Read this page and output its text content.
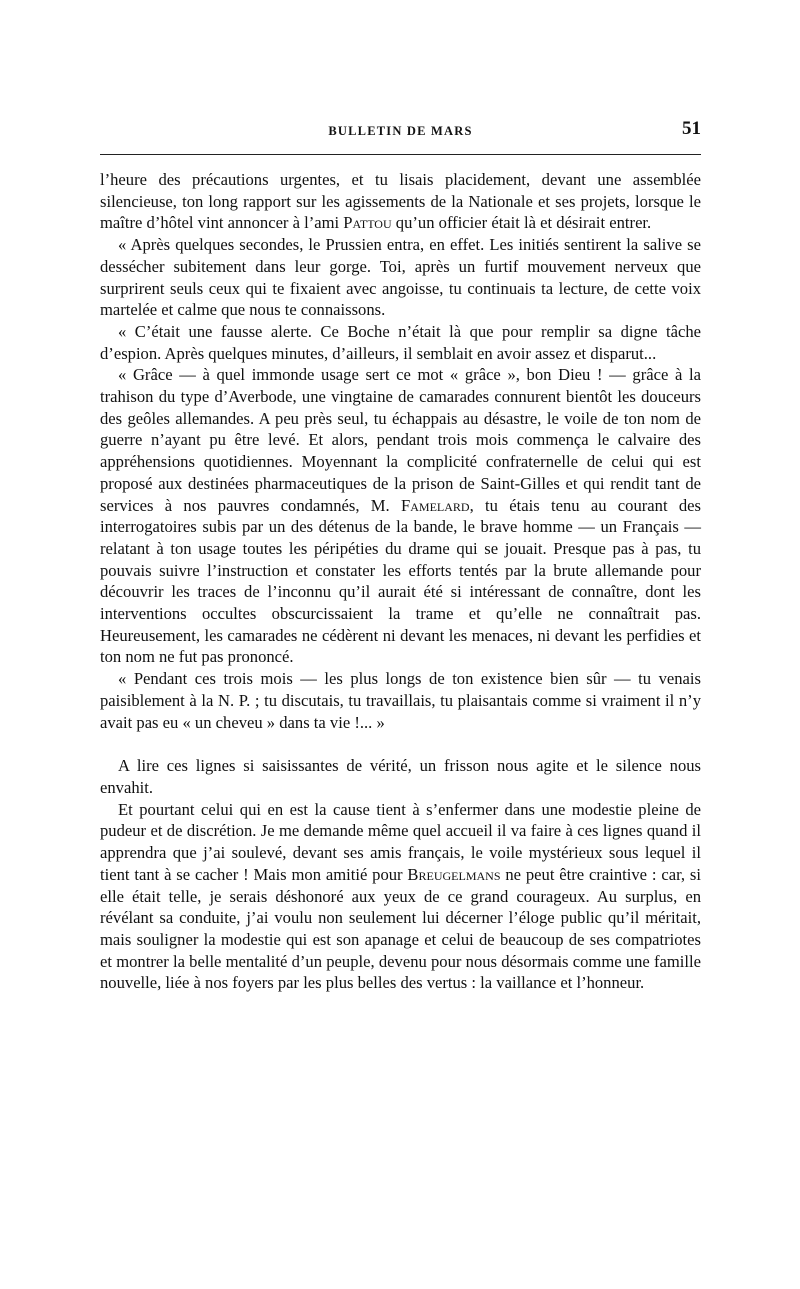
BULLETIN DE MARS	51

l’heure des précautions urgentes, et tu lisais placidement, devant une assemblée silencieuse, ton long rapport sur les agissements de la Nationale et ses projets, lorsque le maître d’hôtel vint annoncer à l’ami Pattou qu’un officier était là et désirait entrer.

« Après quelques secondes, le Prussien entra, en effet. Les initiés sentirent la salive se dessécher subitement dans leur gorge. Toi, après un furtif mouvement nerveux que surprirent seuls ceux qui te fixaient avec angoisse, tu continuais ta lecture, de cette voix martelée et calme que nous te connaissons.

« C’était une fausse alerte. Ce Boche n’était là que pour remplir sa digne tâche d’espion. Après quelques minutes, d’ailleurs, il semblait en avoir assez et disparut...

« Grâce — à quel immonde usage sert ce mot « grâce », bon Dieu ! — grâce à la trahison du type d’Averbode, une vingtaine de camarades connurent bientôt les douceurs des geôles allemandes. A peu près seul, tu échappais au désastre, le voile de ton nom de guerre n’ayant pu être levé. Et alors, pendant trois mois commença le calvaire des appréhensions quotidiennes. Moyennant la complicité confraternelle de celui qui est proposé aux destinées pharmaceutiques de la prison de Saint-Gilles et qui rendit tant de services à nos pauvres condamnés, M. Famelard, tu étais tenu au courant des interrogatoires subis par un des détenus de la bande, le brave homme — un Français — relatant à ton usage toutes les péripéties du drame qui se jouait. Presque pas à pas, tu pouvais suivre l’instruction et constater les efforts tentés par la brute allemande pour découvrir les traces de l’inconnu qu’il aurait été si intéressant de connaître, dont les interventions occultes obscurcissaient la trame et qu’elle ne connaîtrait pas. Heureusement, les camarades ne cédèrent ni devant les menaces, ni devant les perfidies et ton nom ne fut pas prononcé.

« Pendant ces trois mois — les plus longs de ton existence bien sûr — tu venais paisiblement à la N. P. ; tu discutais, tu travaillais, tu plaisantais comme si vraiment il n’y avait pas eu « un cheveu » dans ta vie !... »

A lire ces lignes si saisissantes de vérité, un frisson nous agite et le silence nous envahit.

Et pourtant celui qui en est la cause tient à s’enfermer dans une modestie pleine de pudeur et de discrétion. Je me demande même quel accueil il va faire à ces lignes quand il apprendra que j’ai soulevé, devant ses amis français, le voile mystérieux sous lequel il tient tant à se cacher ! Mais mon amitié pour Breugelmans ne peut être craintive : car, si elle était telle, je serais déshonoré aux yeux de ce grand courageux. Au surplus, en révélant sa conduite, j’ai voulu non seulement lui décerner l’éloge public qu’il méritait, mais souligner la modestie qui est son apanage et celui de beaucoup de ses compatriotes et montrer la belle mentalité d’un peuple, devenu pour nous désormais comme une famille nouvelle, liée à nos foyers par les plus belles des vertus : la vaillance et l’honneur.
